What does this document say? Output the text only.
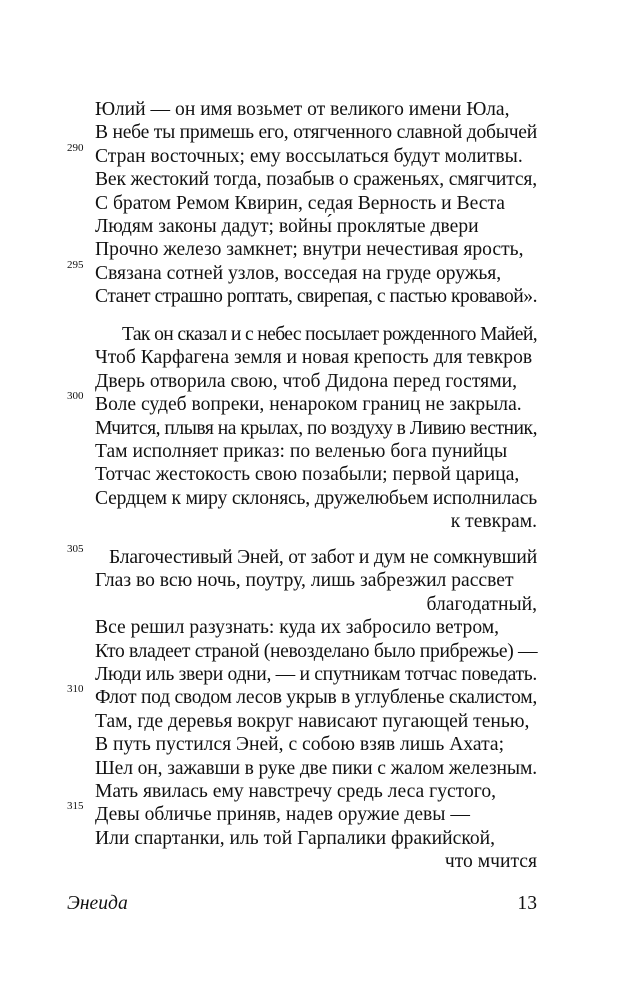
Юлий — он имя возьмет от великого имени Юла,
В небе ты примешь его, отягченного славной добычей
290 Стран восточных; ему воссылаться будут молитвы.
Век жестокий тогда, позабыв о сраженьях, смягчится,
С братом Ремом Квирин, седая Верность и Веста
Людям законы дадут; войны́ проклятые двери
Прочно железо замкнет; внутри нечестивая ярость,
295 Связана сотней узлов, восседая на груде оружья,
Станет страшно роптать, свирепая, с пастью кровавой».
Так он сказал и с небес посылает рожденного Майей,
Чтоб Карфагена земля и новая крепость для тевкров
Дверь отворила свою, чтоб Дидона перед гостями,
300 Воле судеб вопреки, ненароком границ не закрыла.
Мчится, плывя на крылах, по воздуху в Ливию вестник,
Там исполняет приказ: по веленью бога пунийцы
Тотчас жестокость свою позабыли; первой царица,
Сердцем к миру склонясь, дружелюбьем исполнилась
к тевкрам.
305 Благочестивый Эней, от забот и дум не сомкнувший
Глаз во всю ночь, поутру, лишь забрезжил рассвет
благодатный,
Все решил разузнать: куда их забросило ветром,
Кто владеет страной (невозделано было прибрежье) —
Люди иль звери одни, — и спутникам тотчас поведать.
310 Флот под сводом лесов укрыв в углубленье скалистом,
Там, где деревья вокруг нависают пугающей тенью,
В путь пустился Эней, с собою взяв лишь Ахата;
Шел он, зажавши в руке две пики с жалом железным.
Мать явилась ему навстречу средь леса густого,
315 Девы обличье приняв, надев оружие девы —
Или спартанки, иль той Гарпалики фракийской,
что мчится
Энеида	13
